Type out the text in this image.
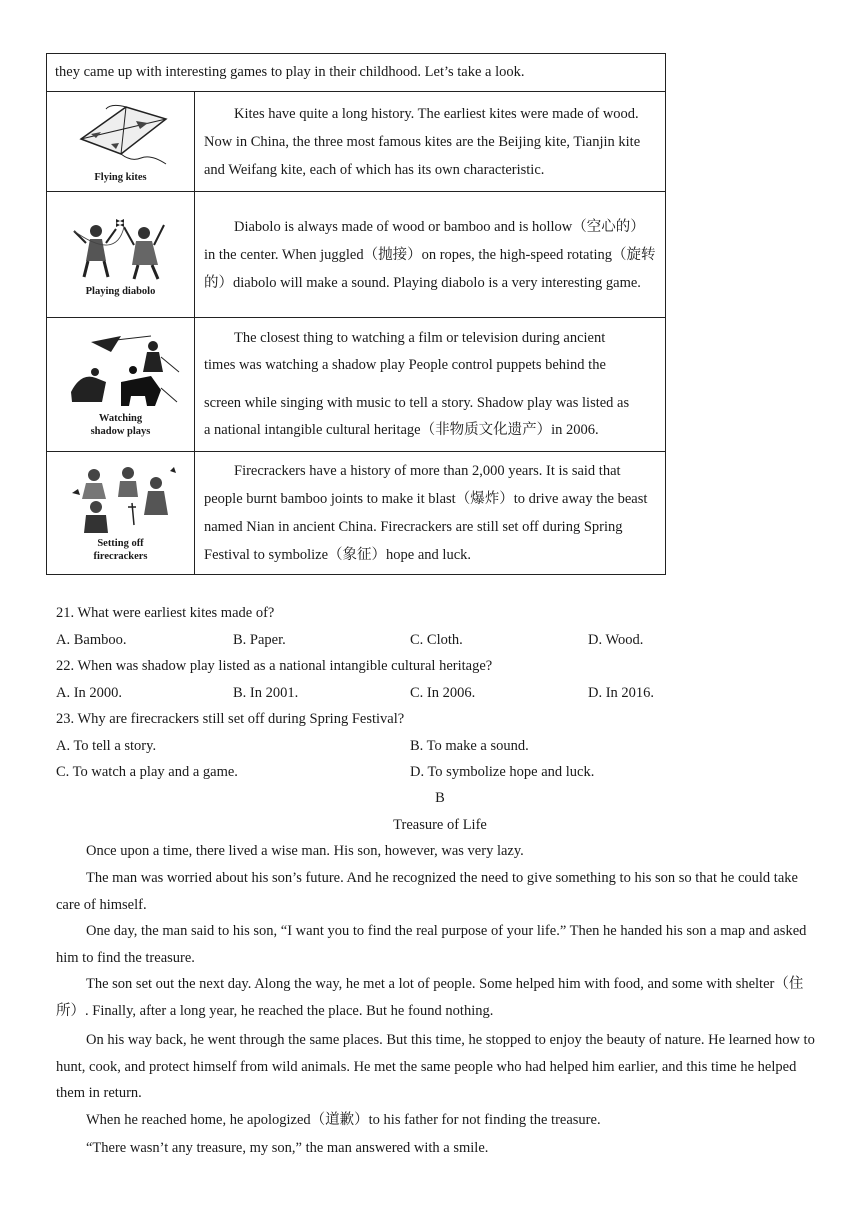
they came up with interesting games to play in their childhood. Let’s take a look.	

Flying kites	Kites have quite a long history. The earliest kites were made of wood. Now in China, the three most famous kites are the Beijing kite, Tianjin kite and Weifang kite, each of which has its own characteristic.

Playing diabolo	Diabolo is always made of wood or bamboo and is hollow（空心的）in the center. When juggled（抛接）on ropes, the high-speed rotating（旋转的）diabolo will make a sound. Playing diabolo is a very interesting game.

Watching
shadow plays	The closest thing to watching a film or television during ancient
times was watching a shadow play People control puppets behind the

screen while singing with music to tell a story. Shadow play was listed as
a national intangible cultural heritage（非物质文化遗产）in 2006.

Setting off
firecrackers	Firecrackers have a history of more than 2,000 years. It is said that people burnt bamboo joints to make it blast（爆炸）to drive away the beast named Nian in ancient China. Firecrackers are still set off during Spring Festival to symbolize（象征）hope and luck.
21. What were earliest kites made of?
A. Bamboo.	B. Paper.	C. Cloth.	D. Wood.
22. When was shadow play listed as a national intangible cultural heritage?
A. In 2000.	B. In 2001.	C. In 2006.	D. In 2016.
23. Why are firecrackers still set off during Spring Festival?
A. To tell a story.	B. To make a sound.
C. To watch a play and a game.	D. To symbolize hope and luck.
B
Treasure of Life
Once upon a time, there lived a wise man. His son, however, was very lazy.
The man was worried about his son’s future. And he recognized the need to give something to his son so that he could take care of himself.
One day, the man said to his son, “I want you to find the real purpose of your life.” Then he handed his son a map and asked him to find the treasure.
The son set out the next day. Along the way, he met a lot of people. Some helped him with food, and some with shelter（住所）. Finally, after a long year, he reached the place. But he found nothing.
On his way back, he went through the same places. But this time, he stopped to enjoy the beauty of nature. He learned how to hunt, cook, and protect himself from wild animals. He met the same people who had helped him earlier, and this time he helped them in return.
When he reached home, he apologized（道歉）to his father for not finding the treasure.
“There wasn’t any treasure, my son,” the man answered with a smile.
